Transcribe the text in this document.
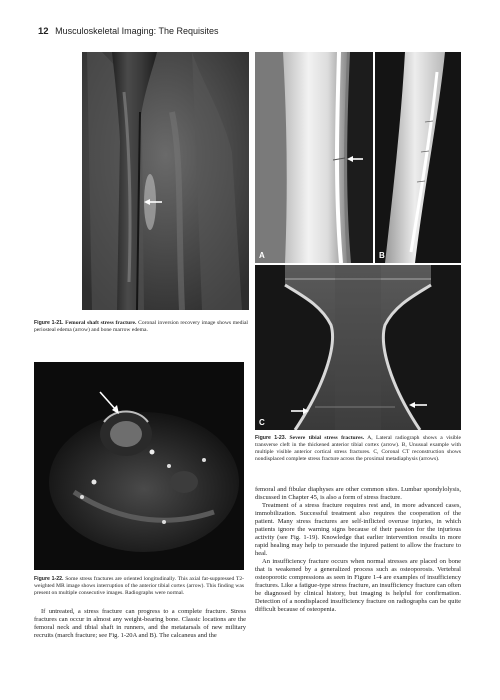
12 Musculoskeletal Imaging: The Requisites
A	B
C
Figure 1-21. Femoral shaft stress fracture. Coronal inversion recovery image shows medial periosteal edema (arrow) and bone marrow edema.
Figure 1-22. Some stress fractures are oriented longitudinally. This axial fat-suppressed T2-weighted MR image shows interruption of the anterior tibial cortex (arrow). This finding was present on multiple consecutive images. Radiographs were normal.
Figure 1-23. Severe tibial stress fractures. A, Lateral radiograph shows a visible transverse cleft in the thickened anterior tibial cortex (arrow). B, Unusual example with multiple visible anterior cortical stress fractures. C, Coronal CT reconstruction shows nondisplaced complete stress fracture across the proximal metadiaphysis (arrows).

If untreated, a stress fracture can progress to a complete fracture. Stress fractures can occur in almost any weight-bearing bone. Classic locations are the femoral neck and tibial shaft in runners, and the metatarsals of new military recruits (march fracture; see Fig. 1-20A and B). The calcaneus and the

femoral and fibular diaphyses are other common sites. Lumbar spondylolysis, discussed in Chapter 45, is also a form of stress fracture.

Treatment of a stress fracture requires rest and, in more advanced cases, immobilization. Successful treatment also requires the cooperation of the patient. Many stress fractures are self-inflicted overuse injuries, in which patients ignore the warning signs because of their passion for the injurious activity (see Fig. 1-19). Knowledge that earlier intervention results in more rapid healing may help to persuade the injured patient to allow the fracture to heal.

An insufficiency fracture occurs when normal stresses are placed on bone that is weakened by a generalized process such as osteoporosis. Vertebral osteoporotic compressions as seen in Figure 1-4 are examples of insufficiency fractures. Like a fatigue-type stress fracture, an insufficiency fracture can often be diagnosed by clinical history, but imaging is helpful for confirmation. Detection of a nondisplaced insufficiency fracture on radiographs can be quite difficult because of osteopenia.
